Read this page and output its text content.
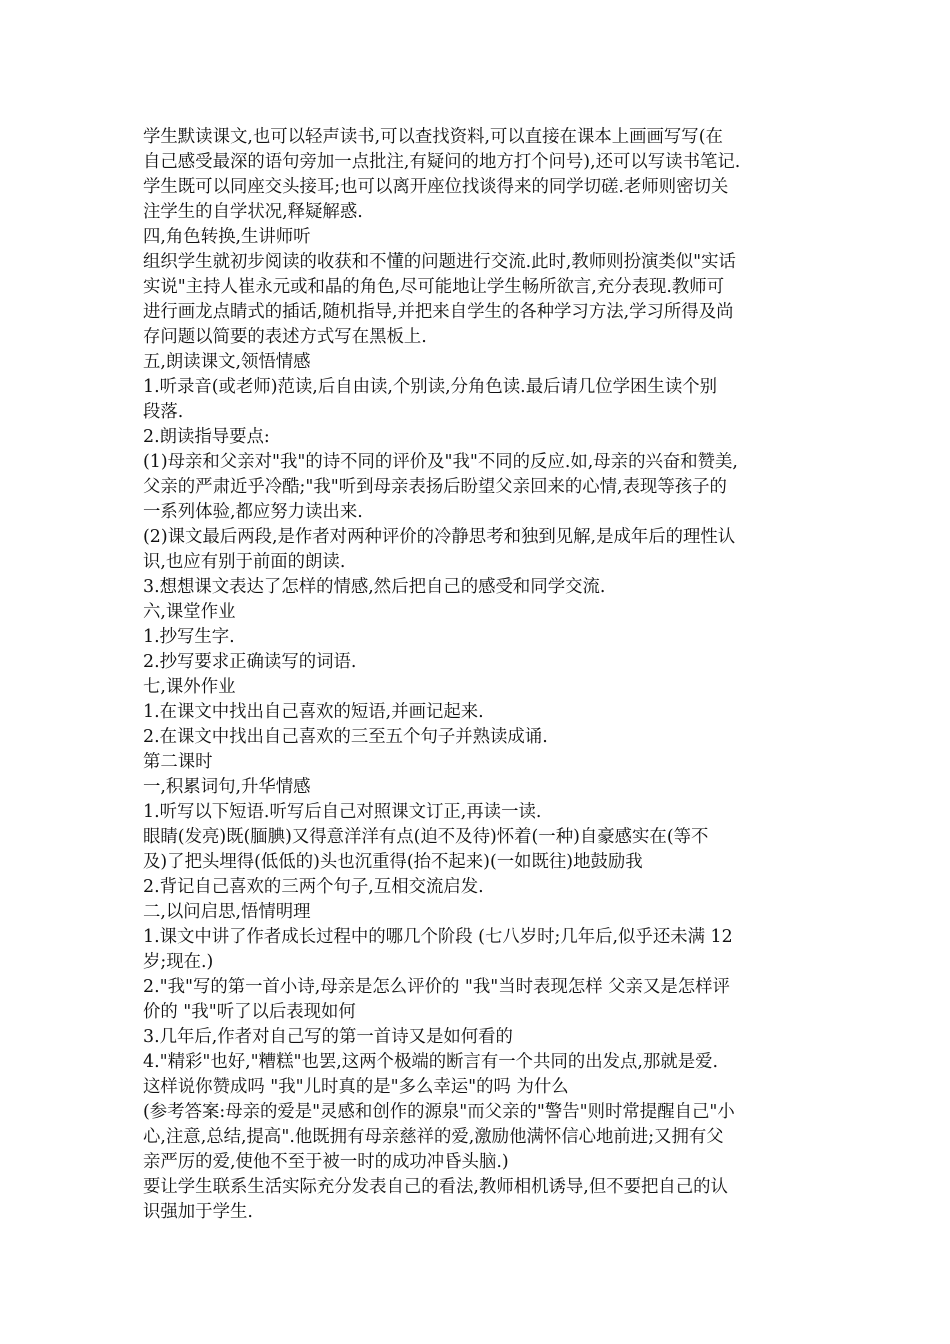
学生默读课文,也可以轻声读书,可以查找资料,可以直接在课本上画画写写(在

自己感受最深的语句旁加一点批注,有疑问的地方打个问号),还可以写读书笔记.

学生既可以同座交头接耳;也可以离开座位找谈得来的同学切磋.老师则密切关

注学生的自学状况,释疑解惑.

四,角色转换,生讲师听

组织学生就初步阅读的收获和不懂的问题进行交流.此时,教师则扮演类似"实话

实说"主持人崔永元或和晶的角色,尽可能地让学生畅所欲言,充分表现.教师可

进行画龙点睛式的插话,随机指导,并把来自学生的各种学习方法,学习所得及尚

存问题以简要的表述方式写在黑板上.

五,朗读课文,领悟情感

1.听录音(或老师)范读,后自由读,个别读,分角色读.最后请几位学困生读个别

段落.

2.朗读指导要点:

(1)母亲和父亲对"我"的诗不同的评价及"我"不同的反应.如,母亲的兴奋和赞美,

父亲的严肃近乎冷酷;"我"听到母亲表扬后盼望父亲回来的心情,表现等孩子的

一系列体验,都应努力读出来.

(2)课文最后两段,是作者对两种评价的冷静思考和独到见解,是成年后的理性认

识,也应有别于前面的朗读.

3.想想课文表达了怎样的情感,然后把自己的感受和同学交流.

六,课堂作业

1.抄写生字.

2.抄写要求正确读写的词语.

七,课外作业

1.在课文中找出自己喜欢的短语,并画记起来.

2.在课文中找出自己喜欢的三至五个句子并熟读成诵.

第二课时

一,积累词句,升华情感

1.听写以下短语.听写后自己对照课文订正,再读一读.

眼睛(发亮)既(腼腆)又得意洋洋有点(迫不及待)怀着(一种)自豪感实在(等不

及)了把头埋得(低低的)头也沉重得(抬不起来)(一如既往)地鼓励我

2.背记自己喜欢的三两个句子,互相交流启发.

二,以问启思,悟情明理

1.课文中讲了作者成长过程中的哪几个阶段 (七八岁时;几年后,似乎还未满 12

岁;现在.)

2."我"写的第一首小诗,母亲是怎么评价的 "我"当时表现怎样 父亲又是怎样评

价的 "我"听了以后表现如何

3.几年后,作者对自己写的第一首诗又是如何看的

4."精彩"也好,"糟糕"也罢,这两个极端的断言有一个共同的出发点,那就是爱.

这样说你赞成吗 "我"儿时真的是"多么幸运"的吗 为什么

(参考答案:母亲的爱是"灵感和创作的源泉"而父亲的"警告"则时常提醒自己"小

心,注意,总结,提高".他既拥有母亲慈祥的爱,激励他满怀信心地前进;又拥有父

亲严厉的爱,使他不至于被一时的成功冲昏头脑.)

要让学生联系生活实际充分发表自己的看法,教师相机诱导,但不要把自己的认

识强加于学生.
